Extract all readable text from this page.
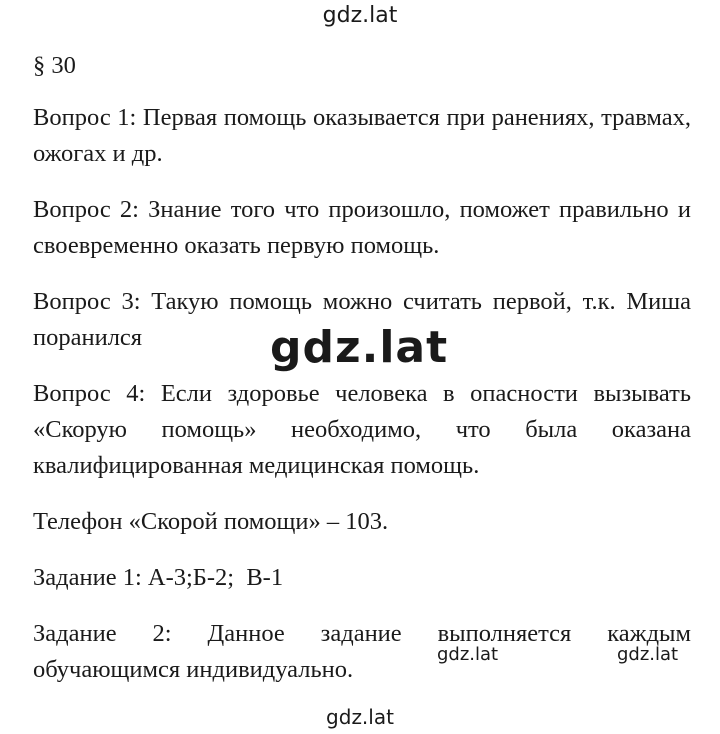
gdz.lat

§ 30

Вопрос 1: Первая помощь оказывается при ранениях, травмах, ожогах и др.

Вопрос 2: Знание того что произошло, поможет правильно и своевременно оказать первую помощь.

Вопрос 3: Такую помощь можно считать первой, т.к. Миша поранился

Вопрос 4: Если здоровье человека в опасности вызывать «Скорую помощь» необходимо, что была оказана квалифицированная медицинская помощь.

Телефон «Скорой помощи» – 103.

Задание 1: А-3;Б-2;  В-1

Задание 2: Данное задание выполняется каждым обучающимся индивидуально.

gdz.lat
gdz.lat	gdz.lat
gdz.lat
